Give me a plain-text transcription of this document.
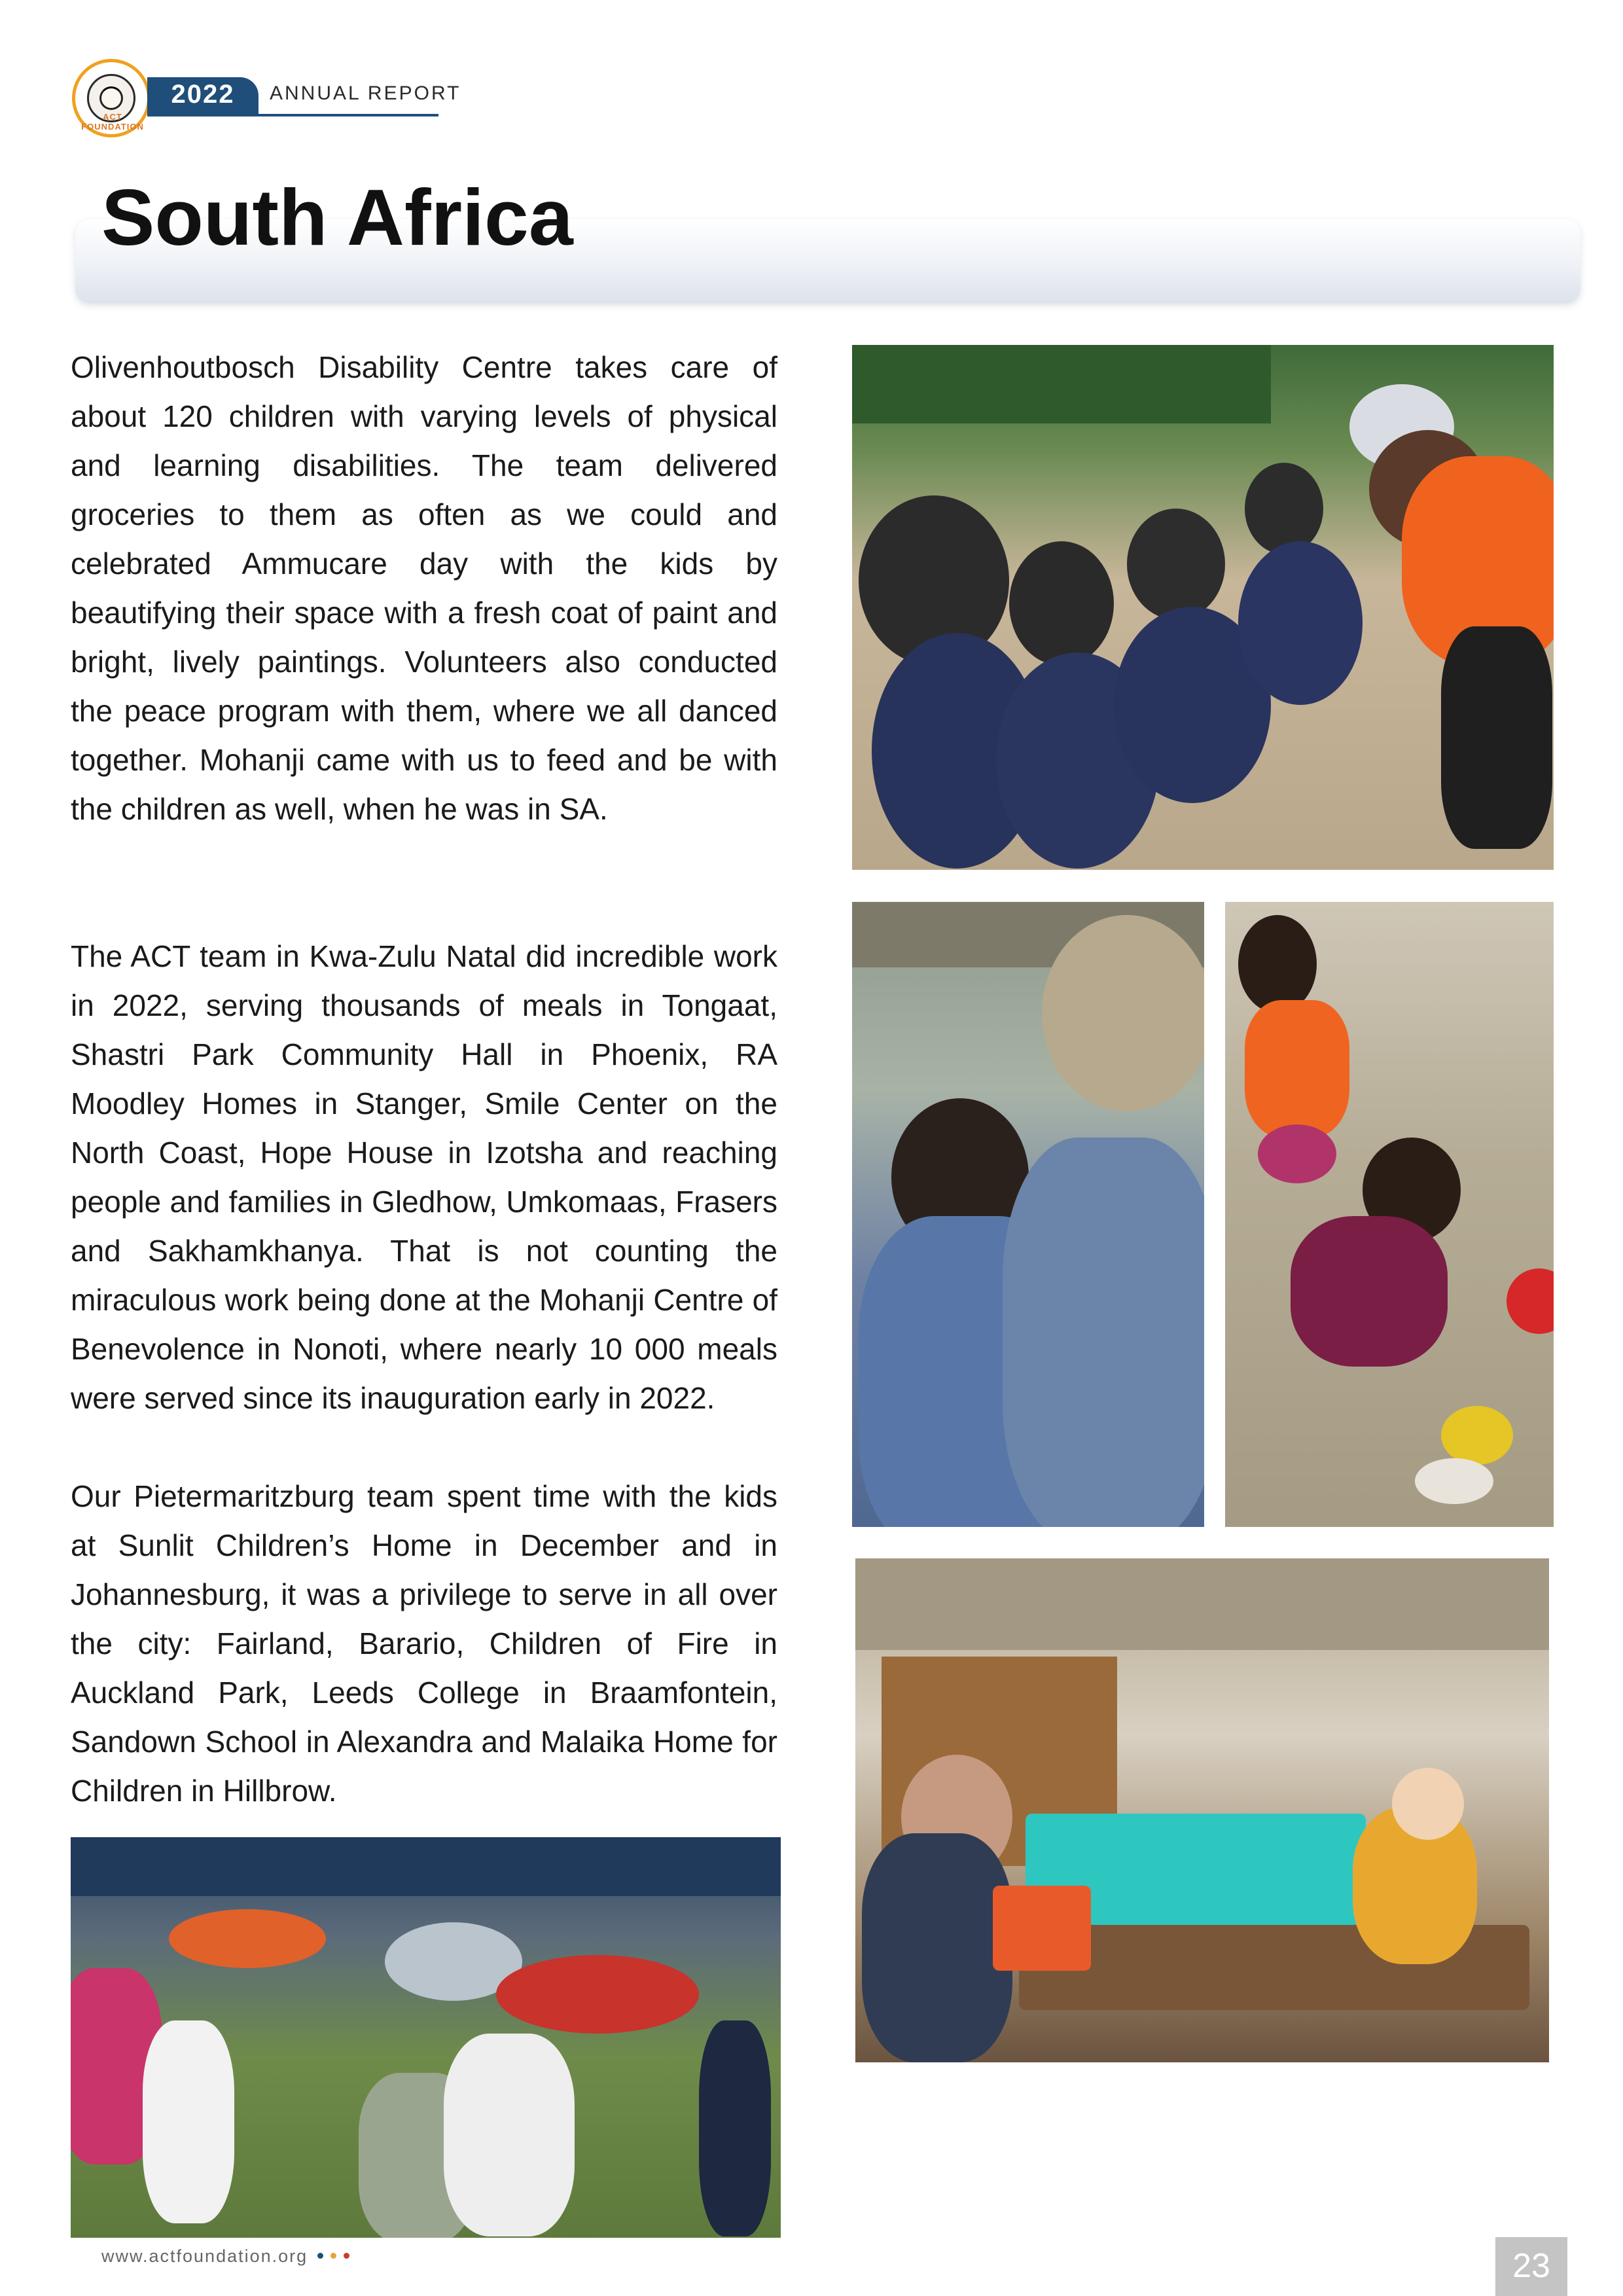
ACT FOUNDATION
2022	ANNUAL REPORT
South Africa

Olivenhoutbosch Disability Centre takes care of about 120 children with varying levels of physical and learning disabilities. The team delivered groceries to them as often as we could and celebrated Ammucare day with the kids by beautifying their space with a fresh coat of paint and bright, lively paintings. Volunteers also conducted the peace program with them, where we all danced together. Mohanji came with us to feed and be with the children as well, when he was in SA.

The ACT team in Kwa-Zulu Natal did incredible work in 2022, serving thousands of meals in Tongaat, Shastri Park Community Hall in Phoenix, RA Moodley Homes in Stanger, Smile Center on the North Coast, Hope House in Izotsha and reaching people and families in Gledhow, Umkomaas, Frasers and Sakhamkhanya. That is not counting the miraculous work being done at the Mohanji Centre of Benevolence in Nonoti, where nearly 10 000 meals were served since its inauguration early in 2022.

Our Pietermaritzburg team spent time with the kids at Sunlit Children’s Home in December and in Johannesburg, it was a privilege to serve in all over the city: Fairland, Barario, Children of Fire in Auckland Park, Leeds College in Braamfontein, Sandown School in Alexandra and Malaika Home for Children in Hillbrow.

www.actfoundation.org	23
